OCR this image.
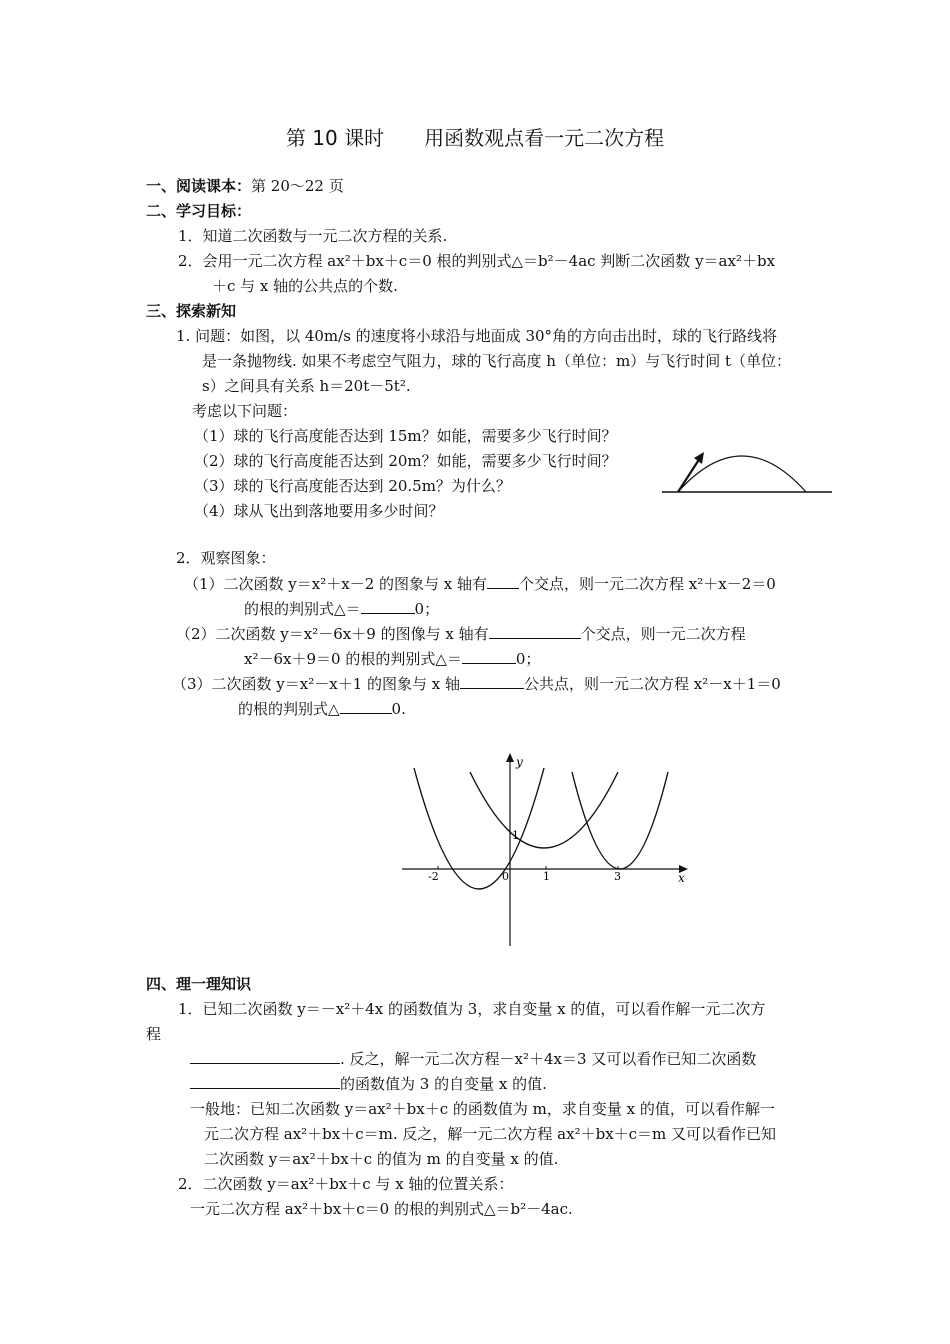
第 10 课时 用函数观点看一元二次方程
一、阅读课本：第 20～22 页
二、学习目标：
1．知道二次函数与一元二次方程的关系.
2．会用一元二次方程 ax²＋bx＋c＝0 根的判别式△＝b²－4ac 判断二次函数 y＝ax²＋bx
＋c 与 x 轴的公共点的个数.
三、探索新知
1. 问题：如图，以 40m/s 的速度将小球沿与地面成 30°角的方向击出时，球的飞行路线将
是一条抛物线. 如果不考虑空气阻力，球的飞行高度 h（单位：m）与飞行时间 t（单位：
s）之间具有关系 h＝20t－5t².
考虑以下问题：
（1）球的飞行高度能否达到 15m？如能，需要多少飞行时间？
（2）球的飞行高度能否达到 20m？如能，需要多少飞行时间？
（3）球的飞行高度能否达到 20.5m？为什么？
（4）球从飞出到落地要用多少时间？
2．观察图象：
（1）二次函数 y＝x²＋x－2 的图象与 x 轴有 个交点，则一元二次方程 x²＋x－2＝0
的根的判别式△＝	0；
（2）二次函数 y＝x²－6x＋9 的图像与 x 轴有	个交点，则一元二次方程
x²－6x＋9＝0 的根的判别式△＝	0；
（3）二次函数 y＝x²－x＋1 的图象与 x 轴	公共点，则一元二次方程 x²－x＋1＝0
的根的判别式△	0.
y
x
-2	0	1	3
1
四、理一理知识
1．已知二次函数 y＝－x²＋4x 的函数值为 3，求自变量 x 的值，可以看作解一元二次方
程
. 反之，解一元二次方程－x²＋4x＝3 又可以看作已知二次函数
的函数值为 3 的自变量 x 的值.
一般地：已知二次函数 y＝ax²＋bx＋c 的函数值为 m，求自变量 x 的值，可以看作解一
元二次方程 ax²＋bx＋c＝m. 反之，解一元二次方程 ax²＋bx＋c＝m 又可以看作已知
二次函数 y＝ax²＋bx＋c 的值为 m 的自变量 x 的值.
2．二次函数 y＝ax²＋bx＋c 与 x 轴的位置关系：
一元二次方程 ax²＋bx＋c＝0 的根的判别式△＝b²－4ac.
